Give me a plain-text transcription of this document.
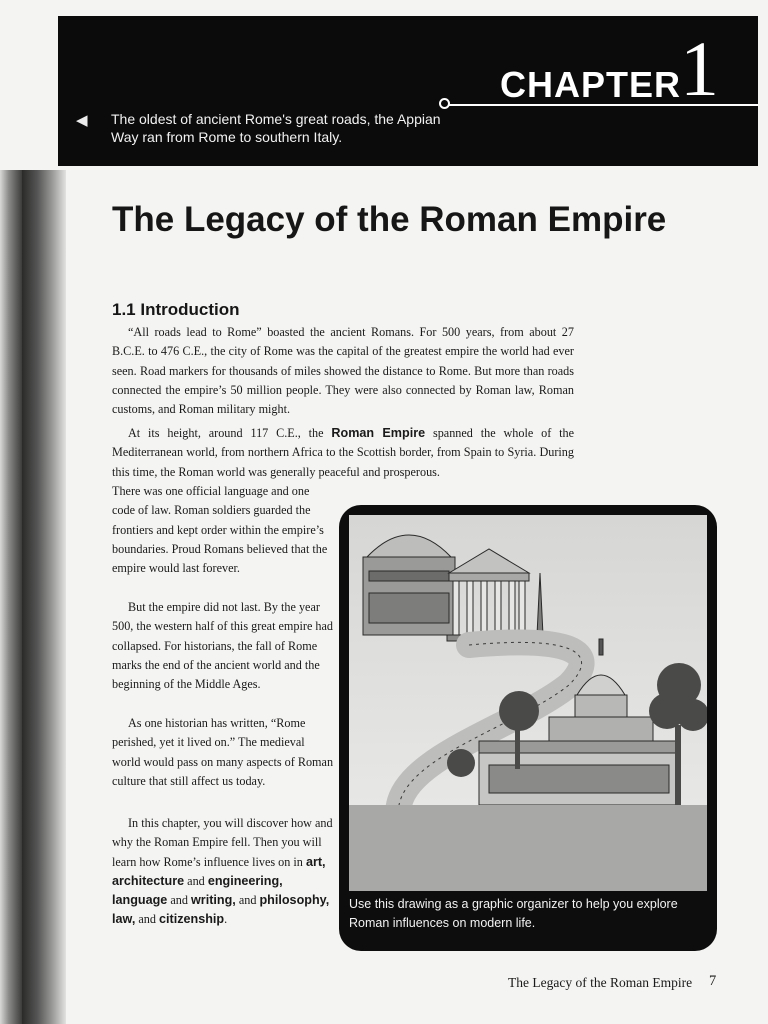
◀ The oldest of ancient Rome's great roads, the Appian Way ran from Rome to southern Italy.
CHAPTER
1
The Legacy of the Roman Empire
1.1 Introduction

“All roads lead to Rome” boasted the ancient Romans. For 500 years, from about 27 B.C.E. to 476 C.E., the city of Rome was the capital of the greatest empire the world had ever seen. Road markers for thousands of miles showed the distance to Rome. But more than roads connected the empire’s 50 million people. They were also connected by Roman law, Roman customs, and Roman military might.

At its height, around 117 C.E., the Roman Empire spanned the whole of the Mediterranean world, from northern Africa to the Scottish border, from Spain to Syria. During this time, the Roman world was generally peaceful and prosperous.

There was one official language and one code of law. Roman soldiers guarded the frontiers and kept order within the empire’s boundaries. Proud Romans believed that the empire would last forever.

But the empire did not last. By the year 500, the western half of this great empire had collapsed. For historians, the fall of Rome marks the end of the ancient world and the beginning of the Middle Ages.

As one historian has written, “Rome perished, yet it lived on.” The medieval world would pass on many aspects of Roman culture that still affect us today.

In this chapter, you will discover how and why the Roman Empire fell. Then you will learn how Rome’s influence lives on in art, architecture and engineering, language and writing, and philosophy, law, and citizenship.

Use this drawing as a graphic organizer to help you explore Roman influences on modern life.
The Legacy of the Roman Empire 7
